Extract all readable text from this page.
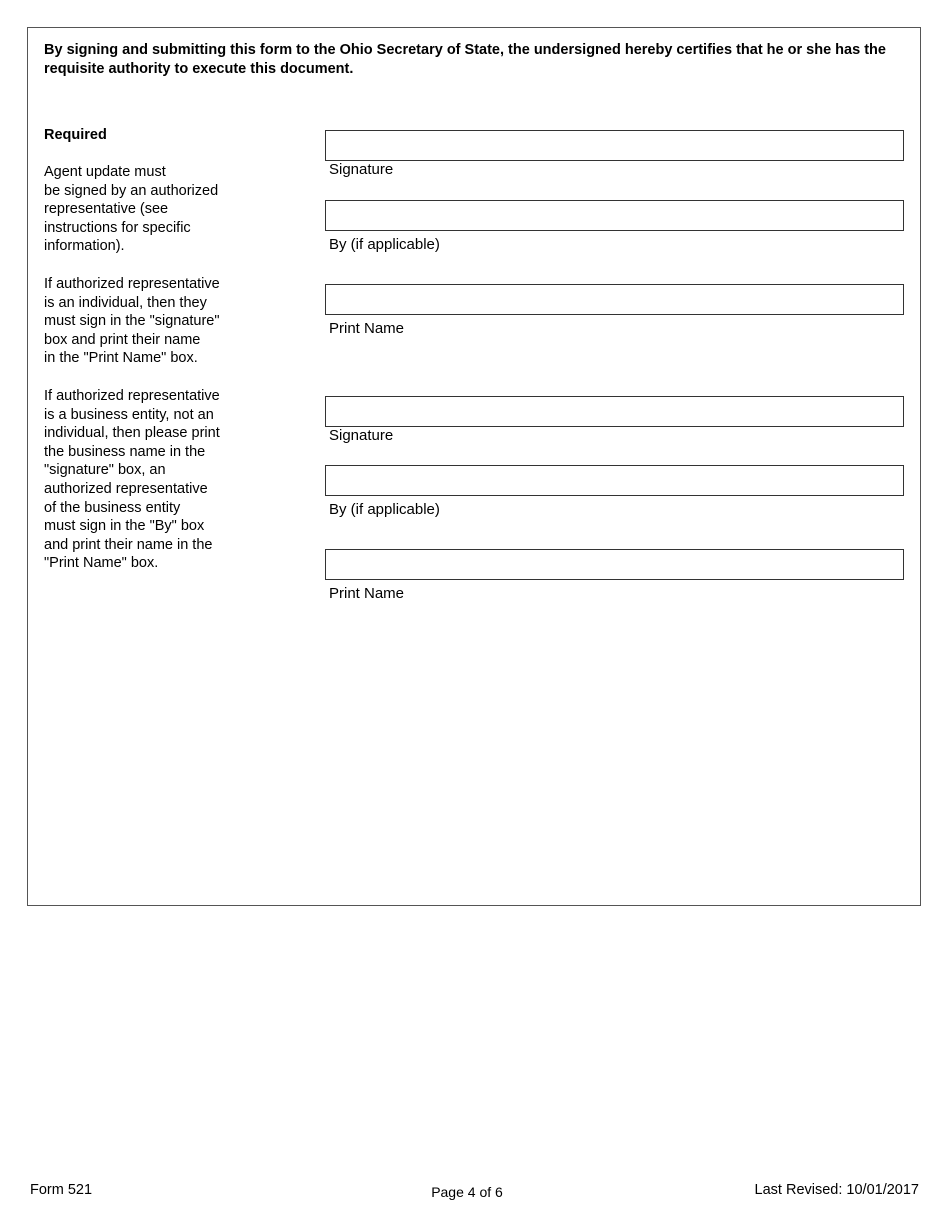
By signing and submitting this form to the Ohio Secretary of State, the undersigned hereby certifies that he or she has the requisite authority to execute this document.
Required
Agent update must
be signed by an authorized
representative (see
instructions for specific
information).
If authorized representative
is an individual, then they
must sign in the "signature"
box and print their name
in the "Print Name" box.
If authorized representative
is a business entity, not an
individual, then please print
the business name in the
"signature" box, an
authorized representative
of the business entity
must sign in the "By" box
and print their name in the
"Print Name" box.
Signature
By (if applicable)
Print Name
Signature
By (if applicable)
Print Name
Form 521	Page 4 of 6	Last Revised: 10/01/2017
